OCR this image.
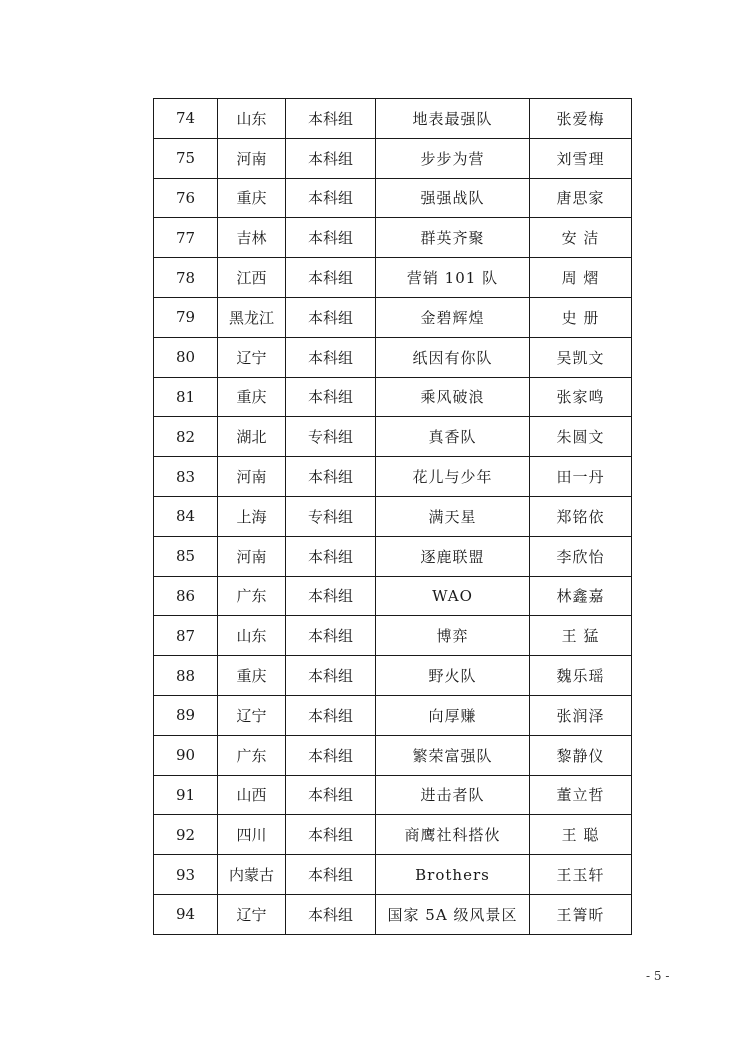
74	山东	本科组	地表最强队	张爱梅
75	河南	本科组	步步为营	刘雪理
76	重庆	本科组	强强战队	唐思家
77	吉林	本科组	群英齐聚	安 洁
78	江西	本科组	营销 101 队	周 熠
79	黑龙江	本科组	金碧辉煌	史 册
80	辽宁	本科组	纸因有你队	吴凯文
81	重庆	本科组	乘风破浪	张家鸣
82	湖北	专科组	真香队	朱圆文
83	河南	本科组	花儿与少年	田一丹
84	上海	专科组	满天星	郑铭依
85	河南	本科组	逐鹿联盟	李欣怡
86	广东	本科组	WAO	林鑫嘉
87	山东	本科组	博弈	王 猛
88	重庆	本科组	野火队	魏乐瑶
89	辽宁	本科组	向厚赚	张润泽
90	广东	本科组	繁荣富强队	黎静仪
91	山西	本科组	进击者队	董立哲
92	四川	本科组	商鹰社科搭伙	王 聪
93	内蒙古	本科组	Brothers	王玉轩
94	辽宁	本科组	国家 5A 级风景区	王箐昕
- 5 -
